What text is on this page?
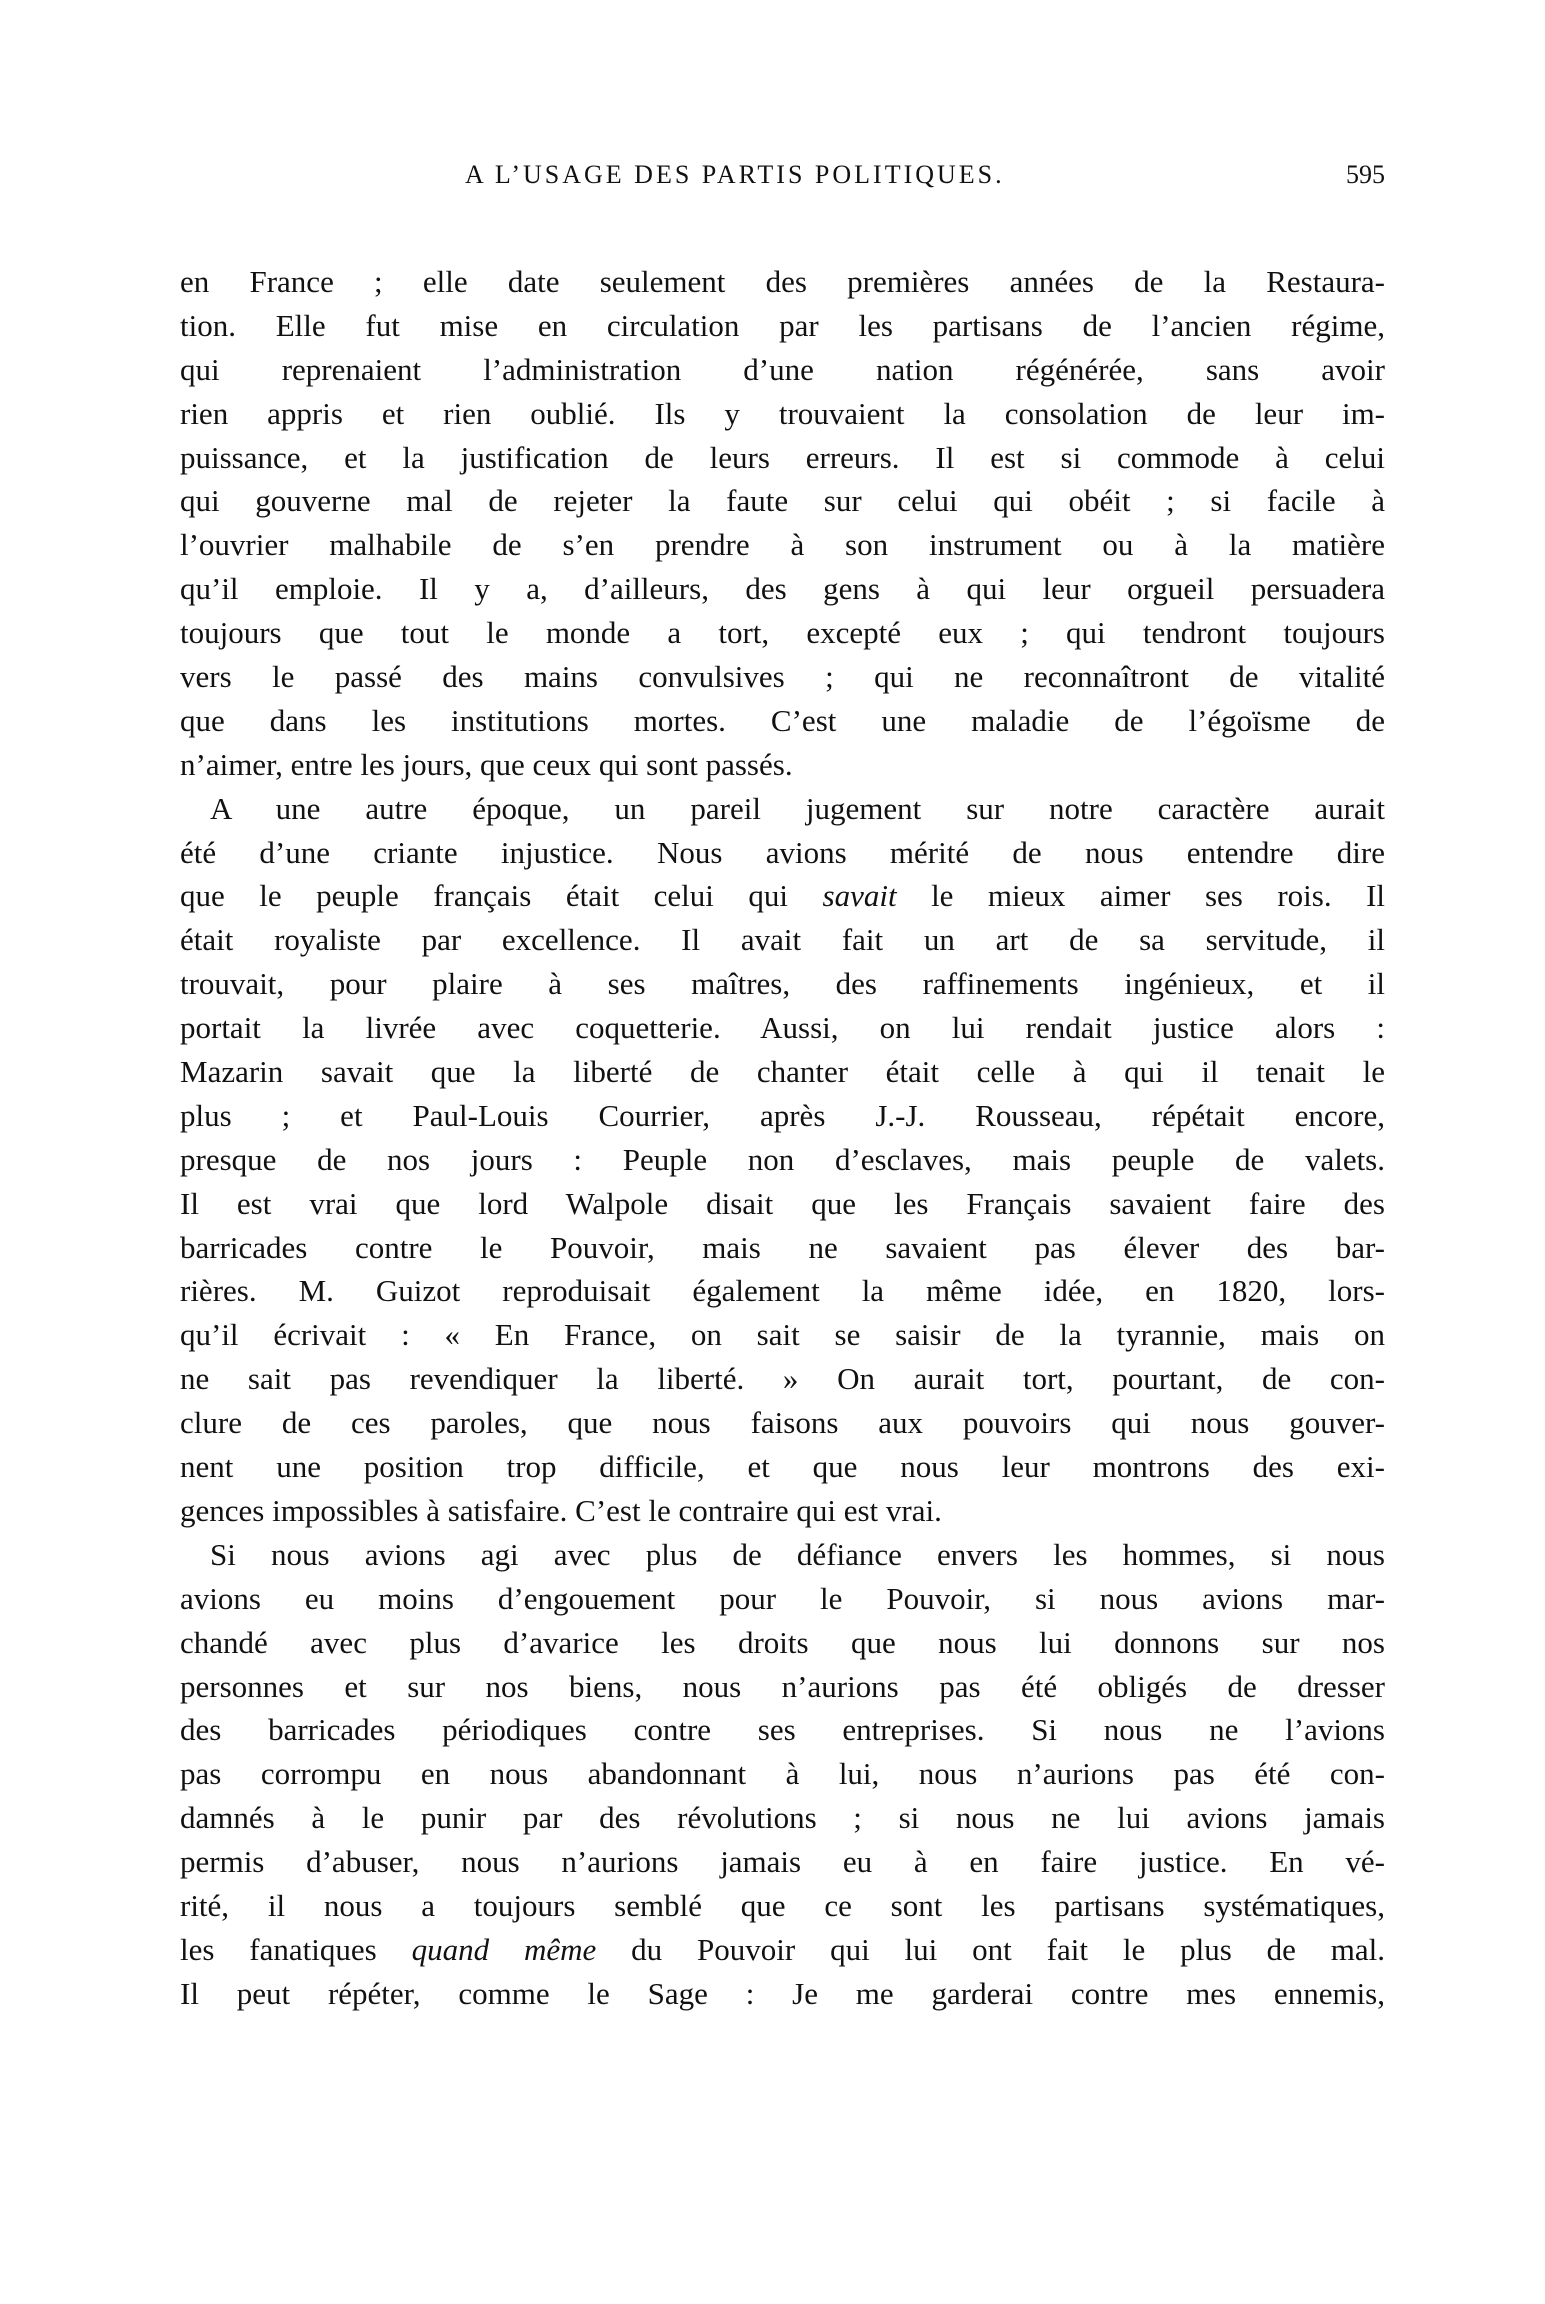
A L’USAGE DES PARTIS POLITIQUES.	595
en France ; elle date seulement des premières années de la Restaura-
tion. Elle fut mise en circulation par les partisans de l’ancien régime,
qui reprenaient l’administration d’une nation régénérée, sans avoir
rien appris et rien oublié. Ils y trouvaient la consolation de leur im-
puissance, et la justification de leurs erreurs. Il est si commode à celui
qui gouverne mal de rejeter la faute sur celui qui obéit ; si facile à
l’ouvrier malhabile de s’en prendre à son instrument ou à la matière
qu’il emploie. Il y a, d’ailleurs, des gens à qui leur orgueil persuadera
toujours que tout le monde a tort, excepté eux ; qui tendront toujours
vers le passé des mains convulsives ; qui ne reconnaîtront de vitalité
que dans les institutions mortes. C’est une maladie de l’égoïsme de
n’aimer, entre les jours, que ceux qui sont passés.
A une autre époque, un pareil jugement sur notre caractère aurait
été d’une criante injustice. Nous avions mérité de nous entendre dire
que le peuple français était celui qui savait le mieux aimer ses rois. Il
était royaliste par excellence. Il avait fait un art de sa servitude, il
trouvait, pour plaire à ses maîtres, des raffinements ingénieux, et il
portait la livrée avec coquetterie. Aussi, on lui rendait justice alors :
Mazarin savait que la liberté de chanter était celle à qui il tenait le
plus ; et Paul-Louis Courrier, après J.-J. Rousseau, répétait encore,
presque de nos jours : Peuple non d’esclaves, mais peuple de valets.
Il est vrai que lord Walpole disait que les Français savaient faire des
barricades contre le Pouvoir, mais ne savaient pas élever des bar-
rières. M. Guizot reproduisait également la même idée, en 1820, lors-
qu’il écrivait : « En France, on sait se saisir de la tyrannie, mais on
ne sait pas revendiquer la liberté. » On aurait tort, pourtant, de con-
clure de ces paroles, que nous faisons aux pouvoirs qui nous gouver-
nent une position trop difficile, et que nous leur montrons des exi-
gences impossibles à satisfaire. C’est le contraire qui est vrai.
Si nous avions agi avec plus de défiance envers les hommes, si nous
avions eu moins d’engouement pour le Pouvoir, si nous avions mar-
chandé avec plus d’avarice les droits que nous lui donnons sur nos
personnes et sur nos biens, nous n’aurions pas été obligés de dresser
des barricades périodiques contre ses entreprises. Si nous ne l’avions
pas corrompu en nous abandonnant à lui, nous n’aurions pas été con-
damnés à le punir par des révolutions ; si nous ne lui avions jamais
permis d’abuser, nous n’aurions jamais eu à en faire justice. En vé-
rité, il nous a toujours semblé que ce sont les partisans systématiques,
les fanatiques quand même du Pouvoir qui lui ont fait le plus de mal.
Il peut répéter, comme le Sage : Je me garderai contre mes ennemis,
